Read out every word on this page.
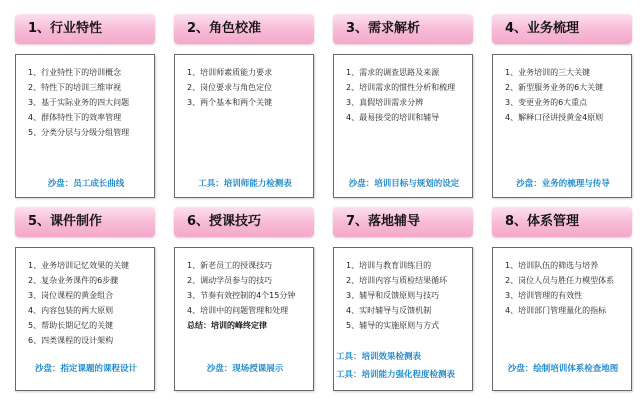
1、行业特性
1、行业特性下的培训概念
2、特性下的培训三维审视
3、基于实际业务的四大问题
4、群体特性下的效率管理
5、分类分层与分级分组管理
沙盘：员工成长曲线
2、角色校准
1、培训师素质能力要求
2、岗位要求与角色定位
3、两个基本和两个关键
工具：培训师能力检测表
3、需求解析
1、需求的调查思路及来源
2、培训需求的惯性分析和梳理
3、真假培训需求分辨
4、最易接受的培训和辅导
沙盘：培训目标与规划的设定
4、业务梳理
1、业务培训的三大关键
2、新型服务业务的6大关键
3、变更业务的6大重点
4、解释口径讲授黄金4原则
沙盘：业务的梳理与传导
5、课件制作
1、业务培训记忆效果的关键
2、复杂业务课件的6步骤
3、岗位课程的黄金组合
4、内容包装的两大原则
5、帮助长期记忆的关键
6、四类课程的设计架构
沙盘：指定课题的课程设计
6、授课技巧
1、新老员工的授课技巧
2、调动学员参与的技巧
3、节奏有效控制的4个15分钟
4、培训中的问题管理和处理
总结：培训的峰终定律
沙盘：现场授课展示
7、落地辅导
1、培训与教育训练目的
2、培训内容与质检结果循环
3、辅导和反馈原则与技巧
4、实时辅导与反馈机制
5、辅导的实施原则与方式
工具：培训效果检测表
工具：培训能力强化程度检测表
8、体系管理
1、培训队伍的筛选与培养
2、岗位人员与胜任力模型体系
3、培训管理的有效性
4、培训部门管理量化的指标
沙盘：绘制培训体系检查地图
